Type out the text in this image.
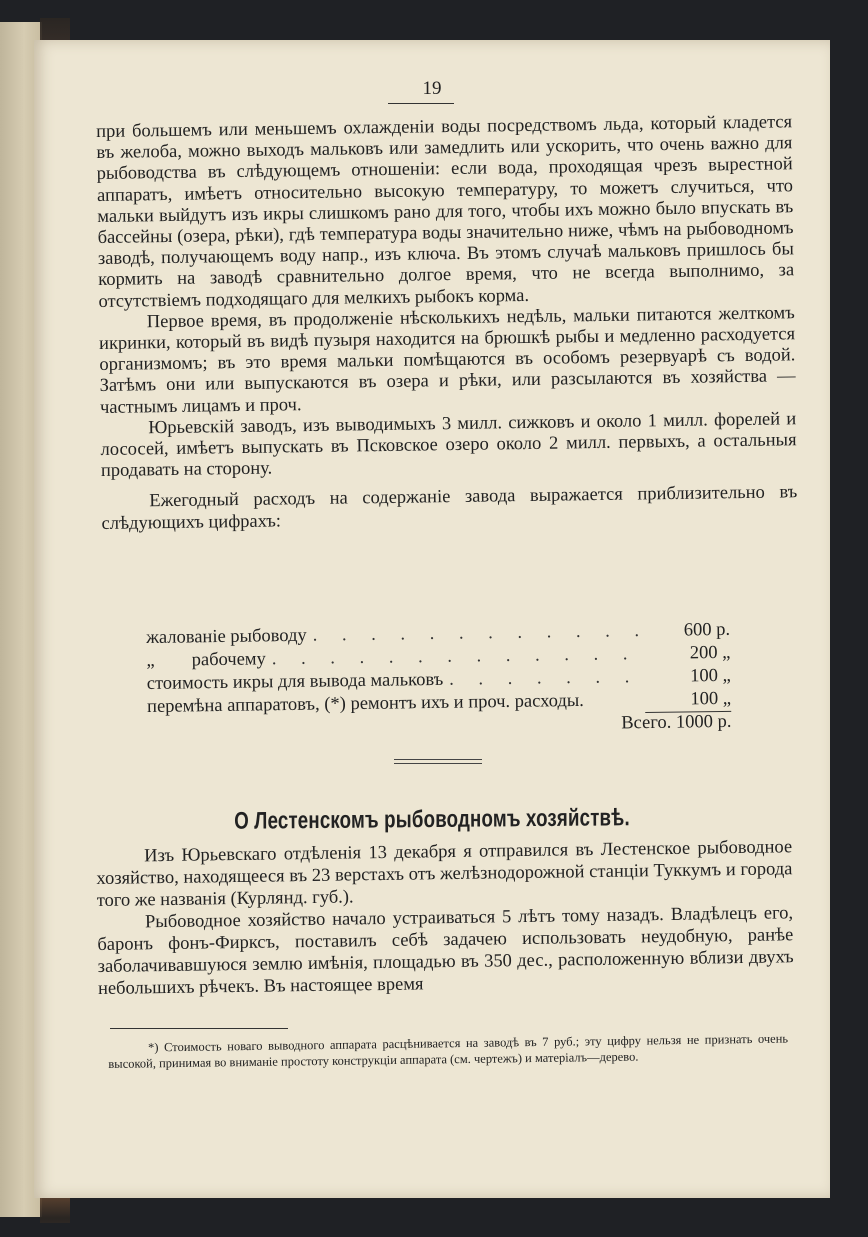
19

при большемъ или меньшемъ охлажденіи воды посредствомъ льда, который кладется въ желоба, можно выходъ мальковъ или замедлить или ускорить, что очень важно для рыбоводства въ слѣдующемъ отношеніи: если вода, проходящая чрезъ вырестной аппаратъ, имѣетъ относительно высокую температуру, то можетъ случиться, что мальки выйдутъ изъ икры слишкомъ рано для того, чтобы ихъ можно было впускать въ бассейны (озера, рѣки), гдѣ температура воды значительно ниже, чѣмъ на рыбоводномъ заводѣ, получающемъ воду напр., изъ ключа. Въ этомъ случаѣ мальковъ пришлось бы кормить на заводѣ сравнительно долгое время, что не всегда выполнимо, за отсутствіемъ подходящаго для мелкихъ рыбокъ корма.

Первое время, въ продолженіе нѣсколькихъ недѣль, мальки питаются желткомъ икринки, который въ видѣ пузыря находится на брюшкѣ рыбы и медленно расходуется организмомъ; въ это время мальки помѣщаются въ особомъ резервуарѣ съ водой. Затѣмъ они или выпускаются въ озера и рѣки, или разсылаются въ хозяйства — частнымъ лицамъ и проч.

Юрьевскій заводъ, изъ выводимыхъ 3 милл. сижковъ и около 1 милл. форелей и лососей, имѣетъ выпускать въ Псковское озеро около 2 милл. первыхъ, а остальныя продавать на сторону.

Ежегодный расходъ на содержаніе завода выражается приблизительно въ слѣдующихъ цифрахъ:

жалованіе рыбоводу . . .	600 р.
„        рабочему . . .	200 „
стоимость икры для вывода мальковъ . . .	100 „
перемѣна аппаратовъ, (*) ремонтъ ихъ и проч. расходы.	100 „
Всего. 1000 р.
О Лестенскомъ рыбоводномъ хозяйствѣ.

Изъ Юрьевскаго отдѣленія 13 декабря я отправился въ Лестенское рыбоводное хозяйство, находящееся въ 23 верстахъ отъ желѣзнодорожной станціи Туккумъ и города того же названія (Курлянд. губ.).

Рыбоводное хозяйство начало устраиваться 5 лѣтъ тому назадъ. Владѣлецъ его, баронъ фонъ-Фирксъ, поставилъ себѣ задачею использовать неудобную, ранѣе заболачивавшуюся землю имѣнія, площадью въ 350 дес., расположенную вблизи двухъ небольшихъ рѣчекъ. Въ настоящее время

*) Стоимость новаго выводного аппарата расцѣнивается на заводѣ въ 7 руб.; эту цифру нельзя не признать очень высокой, принимая во вниманіе простоту конструкціи аппарата (см. чертежъ) и матеріалъ—дерево.
